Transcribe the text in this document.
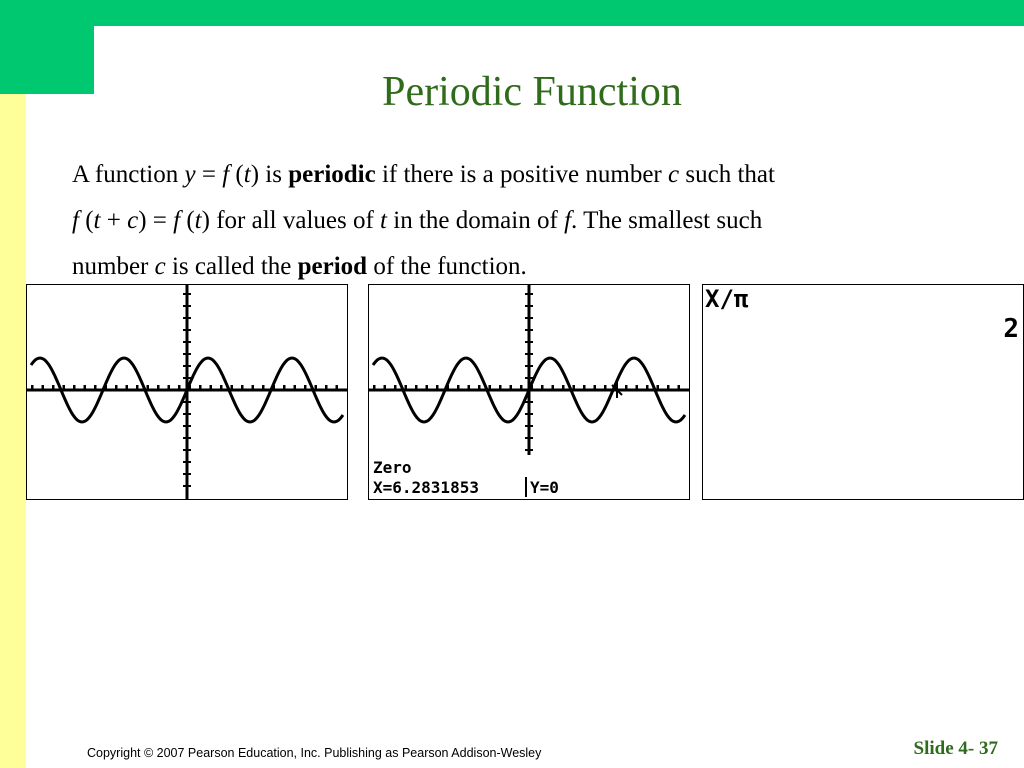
Periodic Function
A function y = f (t) is periodic if there is a positive number c such that
f (t + c) = f (t) for all values of t in the domain of f. The smallest such
number c is called the period of the function.
Zero
X=6.2831853	Y=0
X/π
2
Copyright © 2007 Pearson Education, Inc. Publishing as Pearson Addison-Wesley	Slide 4- 37
